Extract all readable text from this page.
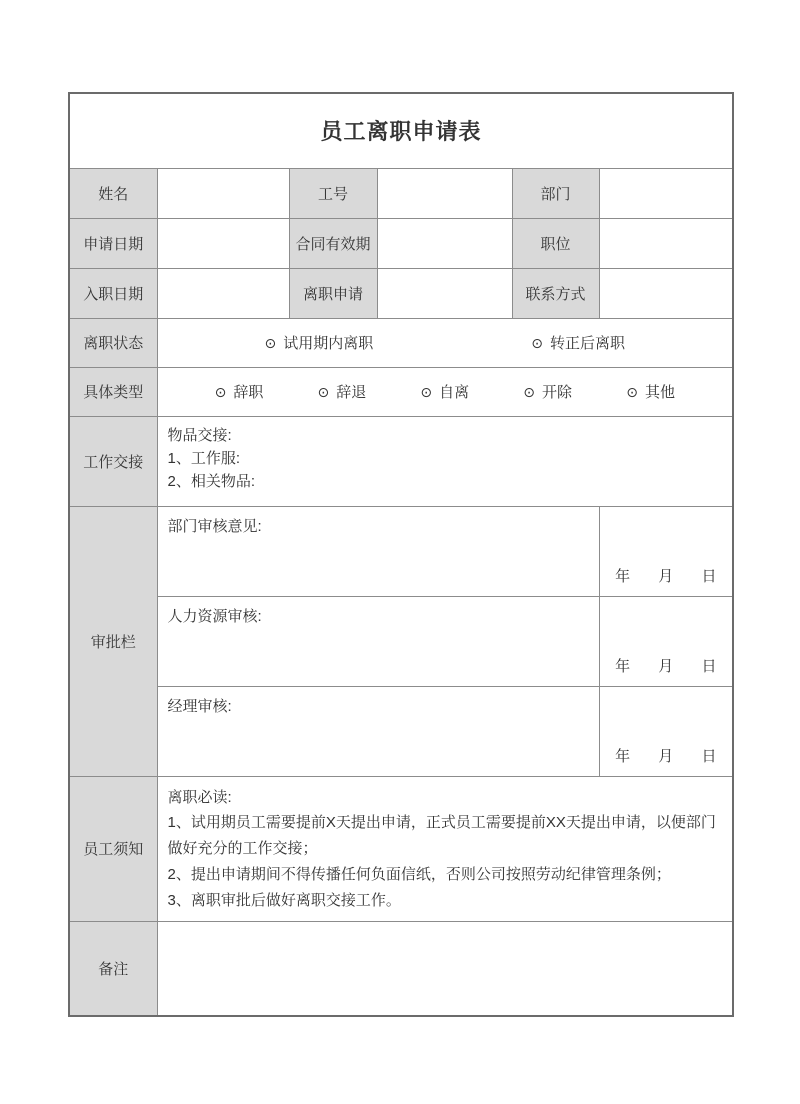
员工离职申请表					
姓名		工号		部门	
申请日期		合同有效期		职位	
入职日期		离职申请		联系方式	
离职状态	⊙ 试用期内离职 ⊙ 转正后离职				

具体类型	⊙ 辞职	⊙ 辞退	⊙ 自离	⊙ 开除	⊙ 其他

工作交接	物品交接:
1、工作服:
2、相关物品:				

审批栏	部门审核意见:				年 月 日
	人力资源审核:				年 月 日
	经理审核:				年 月 日
员工须知	离职必读:
1、试用期员工需要提前X天提出申请，正式员工需要提前XX天提出申请，以便部门做好充分的工作交接；
2、提出申请期间不得传播任何负面信纸，否则公司按照劳动纪律管理条例；
3、离职审批后做好离职交接工作。				

备注					
